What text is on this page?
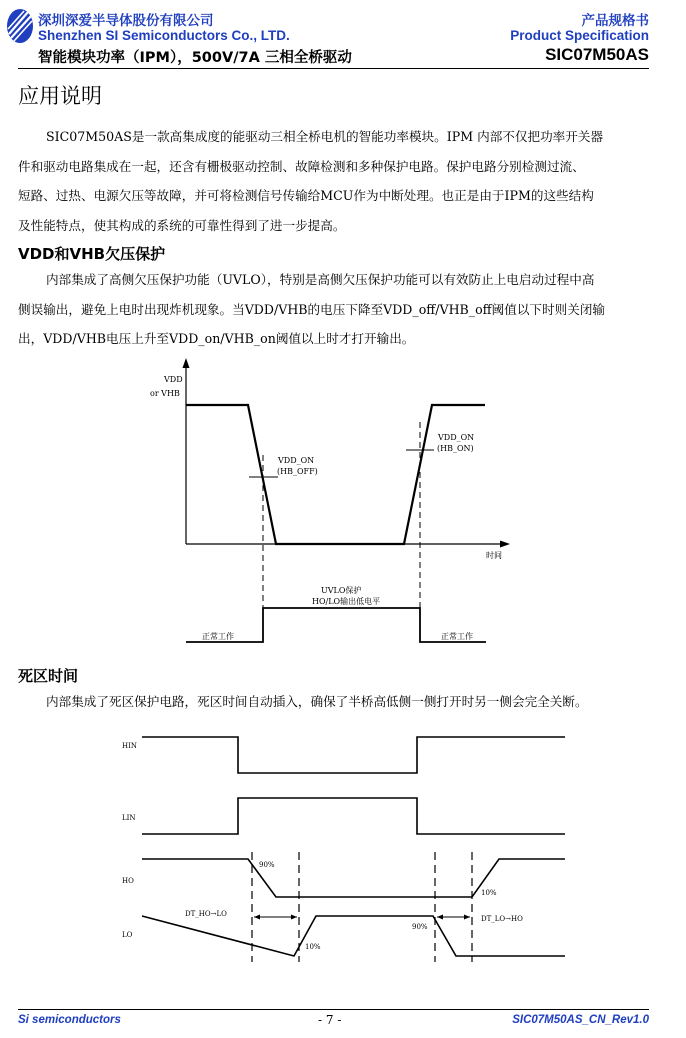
深圳深爱半导体股份有限公司
Shenzhen SI Semiconductors Co., LTD.
产品规格书
Product Specification
智能模块功率（IPM），500V/7A 三相全桥驱动	SIC07M50AS
应用说明
SIC07M50AS是一款高集成度的能驱动三相全桥电机的智能功率模块。IPM 内部不仅把功率开关器
件和驱动电路集成在一起，还含有栅极驱动控制、故障检测和多种保护电路。保护电路分别检测过流、
短路、过热、电源欠压等故障，并可将检测信号传输给MCU作为中断处理。也正是由于IPM的这些结构
及性能特点，使其构成的系统的可靠性得到了进一步提高。
VDD和VHB欠压保护
内部集成了高侧欠压保护功能（UVLO），特别是高侧欠压保护功能可以有效防止上电启动过程中高
侧误输出，避免上电时出现炸机现象。当VDD/VHB的电压下降至VDD_off/VHB_off阈值以下时则关闭输
出，VDD/VHB电压上升至VDD_on/VHB_on阈值以上时才打开输出。
VDD
or VHB
时间
VDD_ON
(HB_OFF)
VDD_ON
(HB_ON)
UVLO保护
HO/LO输出低电平
正常工作	正常工作
死区时间
内部集成了死区保护电路，死区时间自动插入，确保了半桥高低侧一侧打开时另一侧会完全关断。
HIN
LIN
HO
LO
90%
10%
90%
10%
DT_HO→LO
DT_LO→HO
Si semiconductors	- 7 -	SIC07M50AS_CN_Rev1.0
